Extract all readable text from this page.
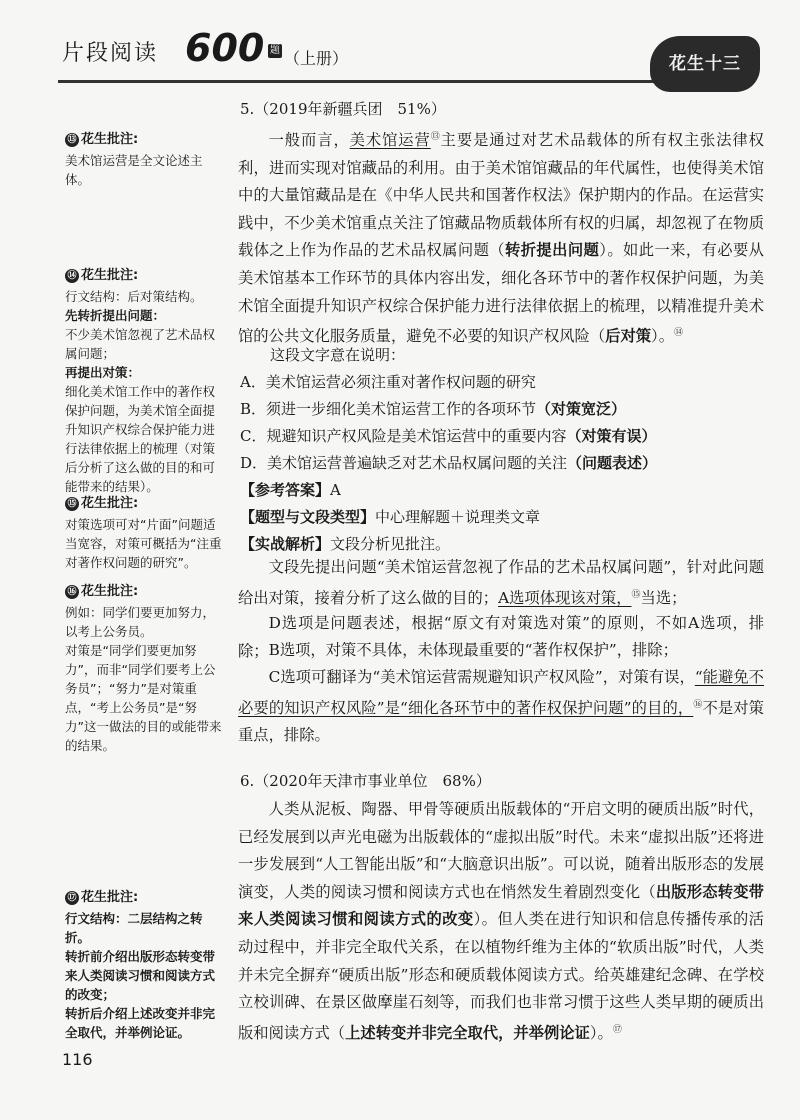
片段阅读 600 题 （上册）	花生十三
⑬ 花生批注:
美术馆运营是全文论述主体。
⑭ 花生批注:
行文结构：后对策结构。
先转折提出问题：
不少美术馆忽视了艺术品权属问题；
再提出对策：
细化美术馆工作中的著作权保护问题，为美术馆全面提升知识产权综合保护能力进行法律依据上的梳理（对策后分析了这么做的目的和可能带来的结果）。
⑮ 花生批注:
对策选项可对“片面”问题适当宽容，对策可概括为“注重对著作权问题的研究”。
⑯ 花生批注:
例如：同学们要更加努力，以考上公务员。
对策是“同学们要更加努力”，而非“同学们要考上公务员”；“努力”是对策重点，“考上公务员”是“努力”这一做法的目的或能带来的结果。
⑰ 花生批注:
行文结构：二层结构之转折。
转折前介绍出版形态转变带来人类阅读习惯和阅读方式的改变；
转折后介绍上述改变并非完全取代，并举例论证。
5.（2019年新疆兵团　51%）
一般而言，美术馆运营⑬主要是通过对艺术品载体的所有权主张法律权利，进而实现对馆藏品的利用。由于美术馆馆藏品的年代属性，也使得美术馆中的大量馆藏品是在《中华人民共和国著作权法》保护期内的作品。在运营实践中，不少美术馆重点关注了馆藏品物质载体所有权的归属，却忽视了在物质载体之上作为作品的艺术品权属问题（转折提出问题）。如此一来，有必要从美术馆基本工作环节的具体内容出发，细化各环节中的著作权保护问题，为美术馆全面提升知识产权综合保护能力进行法律依据上的梳理，以精准提升美术馆的公共文化服务质量，避免不必要的知识产权风险（后对策）。⑭
这段文字意在说明：
A．美术馆运营必须注重对著作权问题的研究
B．须进一步细化美术馆运营工作的各项环节（对策宽泛）
C．规避知识产权风险是美术馆运营中的重要内容（对策有误）
D．美术馆运营普遍缺乏对艺术品权属问题的关注（问题表述）
【参考答案】A
【题型与文段类型】中心理解题＋说理类文章
【实战解析】文段分析见批注。
文段先提出问题“美术馆运营忽视了作品的艺术品权属问题”，针对此问题给出对策，接着分析了这么做的目的；A选项体现该对策，⑮当选；
D选项是问题表述，根据“原文有对策选对策”的原则，不如A选项，排除； B选项，对策不具体，未体现最重要的“著作权保护”，排除；
C选项可翻译为“美术馆运营需规避知识产权风险”，对策有误，“能避免不必要的知识产权风险”是“细化各环节中的著作权保护问题”的目的，⑯不是对策重点，排除。
6.（2020年天津市事业单位　68%）
人类从泥板、陶器、甲骨等硬质出版载体的“开启文明的硬质出版”时代，已经发展到以声光电磁为出版载体的“虚拟出版”时代。未来“虚拟出版”还将进一步发展到“人工智能出版”和“大脑意识出版”。可以说，随着出版形态的发展演变，人类的阅读习惯和阅读方式也在悄然发生着剧烈变化（出版形态转变带来人类阅读习惯和阅读方式的改变）。但人类在进行知识和信息传播传承的活动过程中，并非完全取代关系，在以植物纤维为主体的“软质出版”时代，人类并未完全摒弃“硬质出版”形态和硬质载体阅读方式。给英雄建纪念碑、在学校立校训碑、在景区做摩崖石刻等，而我们也非常习惯于这些人类早期的硬质出版和阅读方式（上述转变并非完全取代，并举例论证）。⑰
116
